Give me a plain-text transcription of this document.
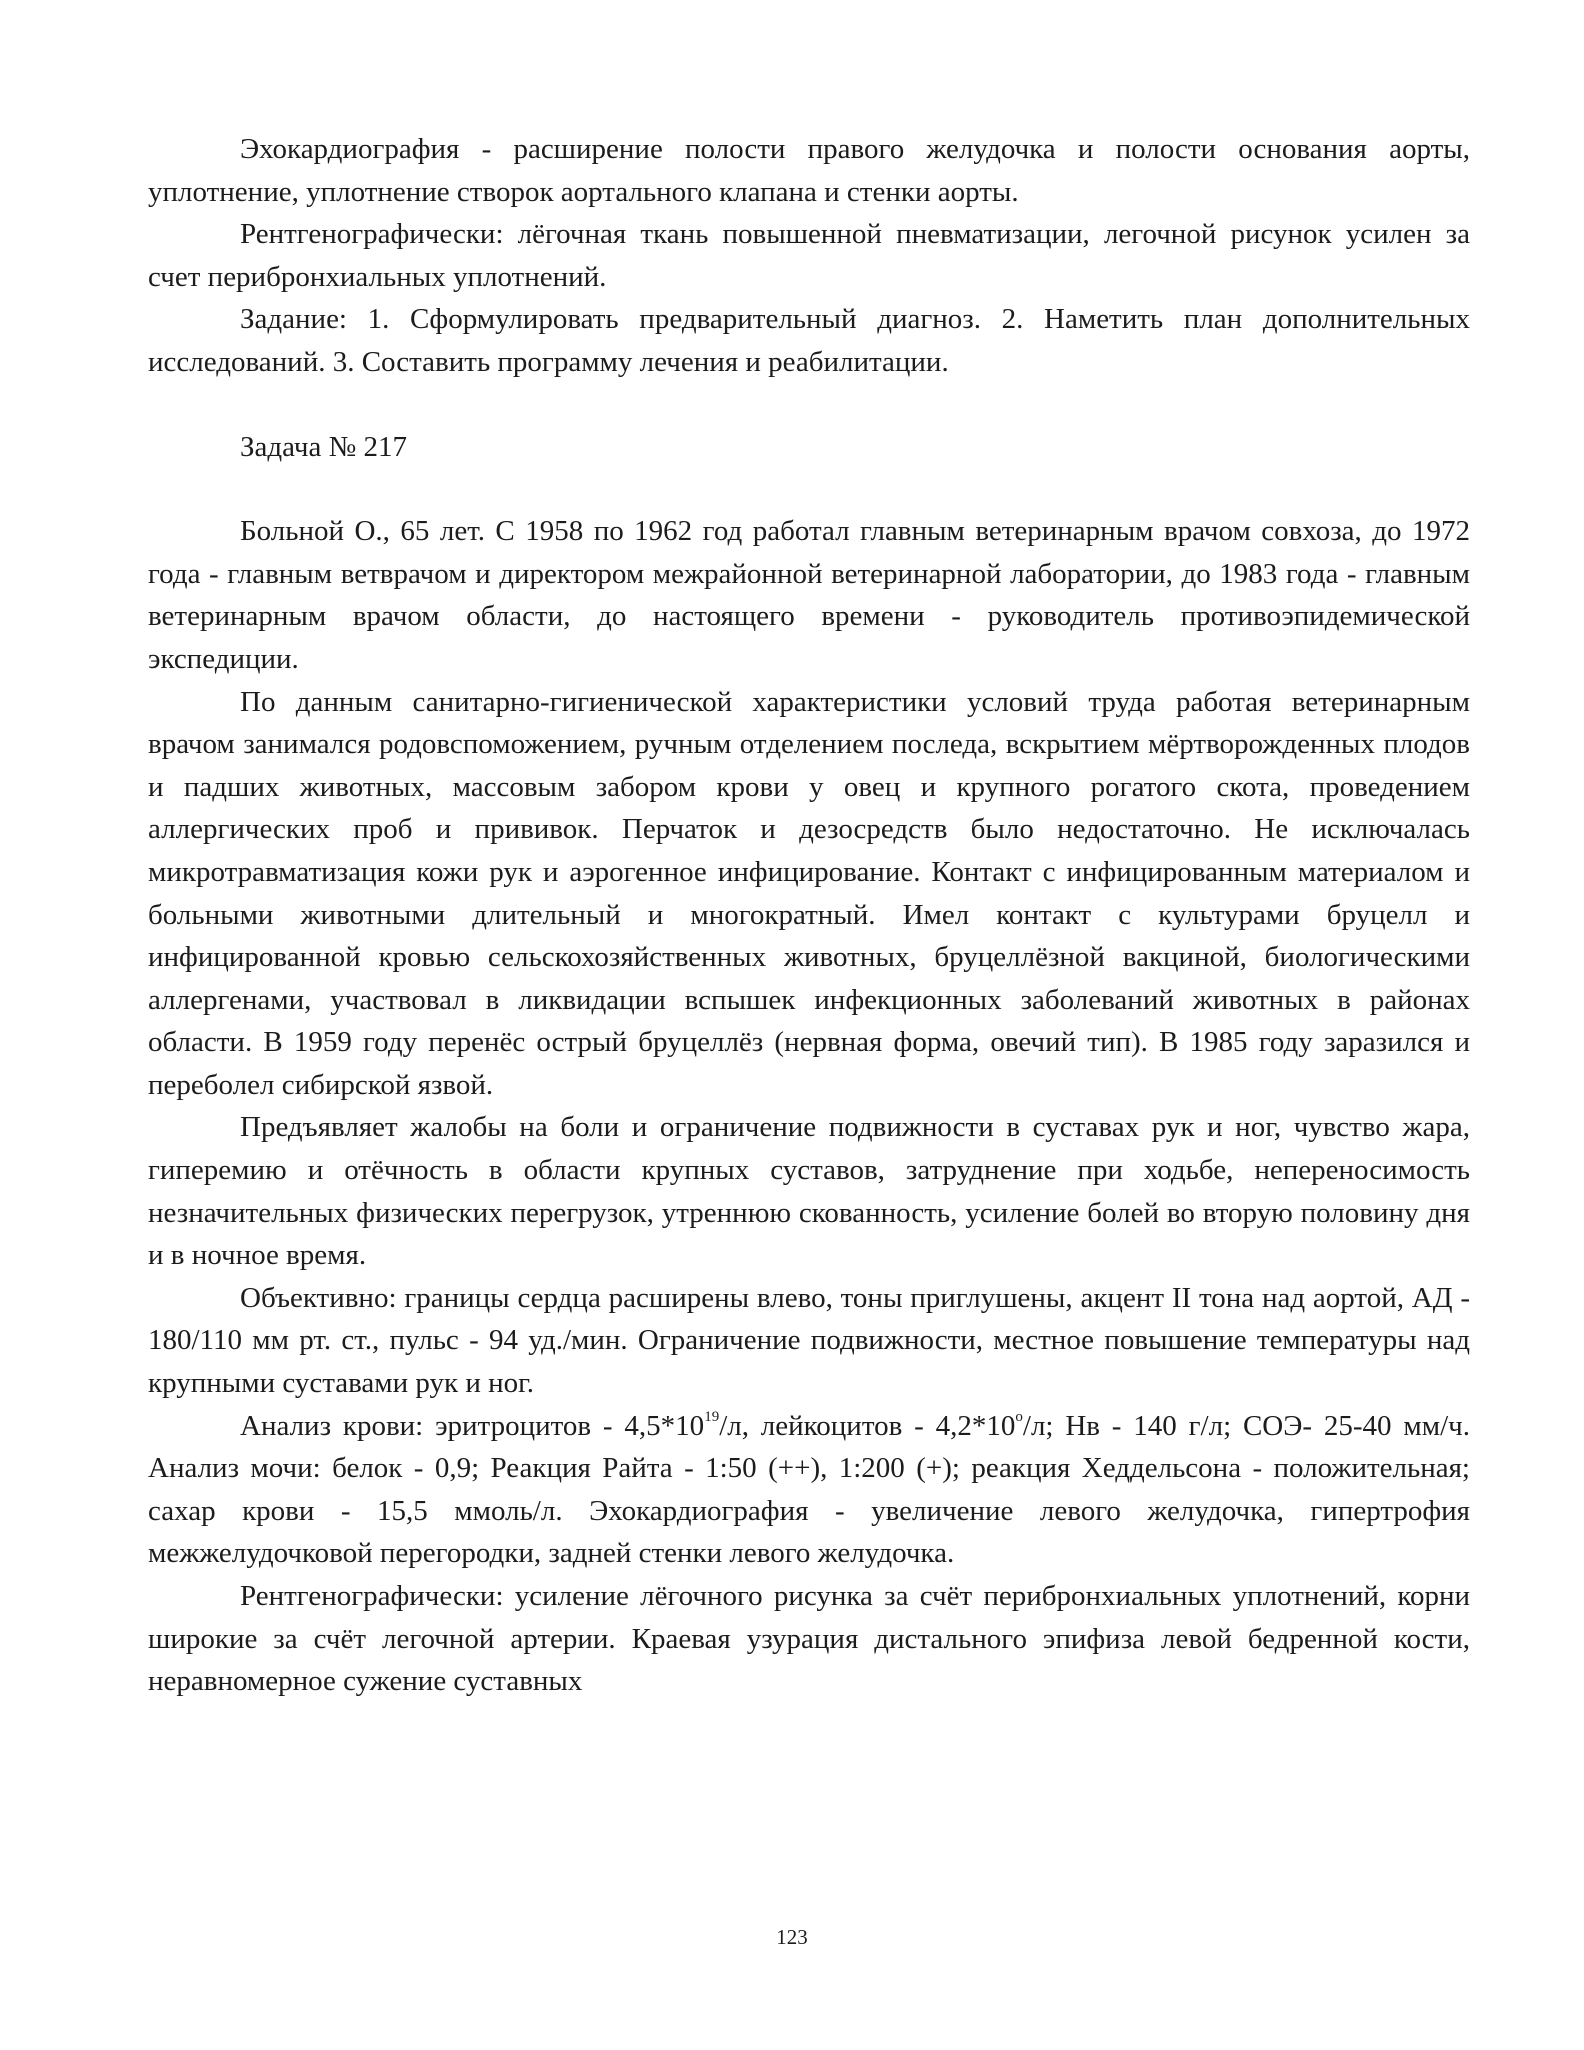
Эхокардиография - расширение полости правого желудочка и полости основания аорты, уплотнение, уплотнение створок аортального клапана и стенки аорты.

Рентгенографически: лёгочная ткань повышенной пневматизации, легочной рисунок усилен за счет перибронхиальных уплотнений.

Задание: 1. Сформулировать предварительный диагноз. 2. Наметить план дополнительных исследований. 3. Составить программу лечения и реабилитации.

Задача № 217

Больной О., 65 лет. С 1958 по 1962 год работал главным ветеринарным врачом совхоза, до 1972 года - главным ветврачом и директором межрайонной ветеринарной лаборатории, до 1983 года - главным ветеринарным врачом области, до настоящего времени - руководитель противоэпидемической экспедиции.

По данным санитарно-гигиенической характеристики условий труда работая ветеринарным врачом занимался родовспоможением, ручным отделением последа, вскрытием мёртворожденных плодов и падших животных, массовым забором крови у овец и крупного рогатого скота, проведением аллергических проб и прививок. Перчаток и дезосредств было недостаточно. Не исключалась микротравматизация кожи рук и аэрогенное инфицирование. Контакт с инфицированным материалом и больными животными длительный и многократный. Имел контакт с культурами бруцелл и инфицированной кровью сельскохозяйственных животных, бруцеллёзной вакциной, биологическими аллергенами, участвовал в ликвидации вспышек инфекционных заболеваний животных в районах области. В 1959 году перенёс острый бруцеллёз (нервная форма, овечий тип). В 1985 году заразился и переболел сибирской язвой.

Предъявляет жалобы на боли и ограничение подвижности в суставах рук и ног, чувство жара, гиперемию и отёчность в области крупных суставов, затруднение при ходьбе, непереносимость незначительных физических перегрузок, утреннюю скованность, усиление болей во вторую половину дня и в ночное время.

Объективно: границы сердца расширены влево, тоны приглушены, акцент II тона над аортой, АД - 180/110 мм рт. ст., пульс - 94 уд./мин. Ограничение подвижности, местное повышение температуры над крупными суставами рук и ног.

Анализ крови: эритроцитов - $4,5*10^{19}/л$, лейкоцитов - $4,2*10^о/л$; Нв - 140 г/л; СОЭ- 25-40 мм/ч. Анализ мочи: белок - 0,9; Реакция Райта - 1:50 (++), 1:200 (+); реакция Хеддельсона - положительная; сахар крови - 15,5 ммоль/л. Эхокардиография - увеличение левого желудочка, гипертрофия межжелудочковой перегородки, задней стенки левого желудочка.

Рентгенографически: усиление лёгочного рисунка за счёт перибронхиальных уплотнений, корни широкие за счёт легочной артерии. Краевая узурация дистального эпифиза левой бедренной кости, неравномерное сужение суставных

123
